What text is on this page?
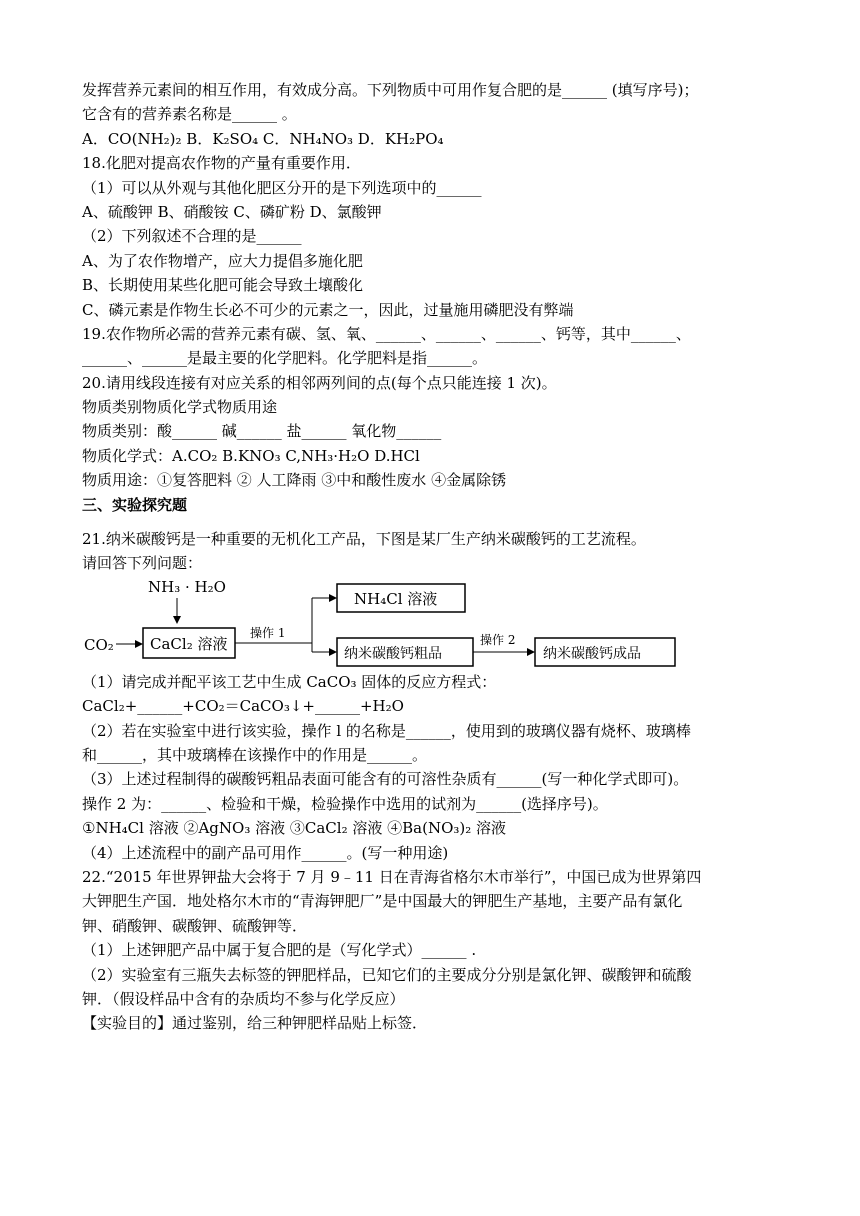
发挥营养元素间的相互作用，有效成分高。下列物质中可用作复合肥的是______ (填写序号)；
它含有的营养素名称是______ 。
A．CO(NH₂)₂ B．K₂SO₄ C．NH₄NO₃ D．KH₂PO₄
18.化肥对提高农作物的产量有重要作用．
（1）可以从外观与其他化肥区分开的是下列选项中的______
A、硫酸钾 B、硝酸铵 C、磷矿粉 D、氯酸钾
（2）下列叙述不合理的是______
A、为了农作物增产，应大力提倡多施化肥
B、长期使用某些化肥可能会导致土壤酸化
C、磷元素是作物生长必不可少的元素之一，因此，过量施用磷肥没有弊端
19.农作物所必需的营养元素有碳、氢、氧、______、______、______、钙等，其中______、
______、______是最主要的化学肥料。化学肥料是指______。
20.请用线段连接有对应关系的相邻两列间的点(每个点只能连接 1 次)。
物质类别物质化学式物质用途
物质类别：酸______ 碱______ 盐______ 氧化物______
物质化学式：A.CO₂ B.KNO₃ C,NH₃·H₂O D.HCl
物质用途：①复答肥料 ② 人工降雨 ③中和酸性废水 ④金属除锈
三、实验探究题
21.纳米碳酸钙是一种重要的无机化工产品，下图是某厂生产纳米碳酸钙的工艺流程。
请回答下列问题：
NH₃ · H₂O
CO₂ CaCl₂ 溶液
操作 1
NH₄Cl 溶液
纳米碳酸钙粗品
操作 2
纳米碳酸钙成品
（1）请完成并配平该工艺中生成 CaCO₃ 固体的反应方程式：
CaCl₂+______+CO₂＝CaCO₃↓+______+H₂O
（2）若在实验室中进行该实验，操作 l 的名称是______，使用到的玻璃仪器有烧杯、玻璃棒
和______，其中玻璃棒在该操作中的作用是______。
（3）上述过程制得的碳酸钙粗品表面可能含有的可溶性杂质有______(写一种化学式即可)。
操作 2 为：______、检验和干燥，检验操作中选用的试剂为______(选择序号)。
①NH₄Cl 溶液 ②AgNO₃ 溶液 ③CaCl₂ 溶液 ④Ba(NO₃)₂ 溶液
（4）上述流程中的副产品可用作______。(写一种用途)
22.“2015 年世界钾盐大会将于 7 月 9﹣11 日在青海省格尔木市举行”，中国已成为世界第四
大钾肥生产国．地处格尔木市的“青海钾肥厂”是中国最大的钾肥生产基地，主要产品有氯化
钾、硝酸钾、碳酸钾、硫酸钾等．
（1）上述钾肥产品中属于复合肥的是（写化学式）______ .
（2）实验室有三瓶失去标签的钾肥样品，已知它们的主要成分分别是氯化钾、碳酸钾和硫酸
钾．（假设样品中含有的杂质均不参与化学反应）
【实验目的】通过鉴别，给三种钾肥样品贴上标签．
